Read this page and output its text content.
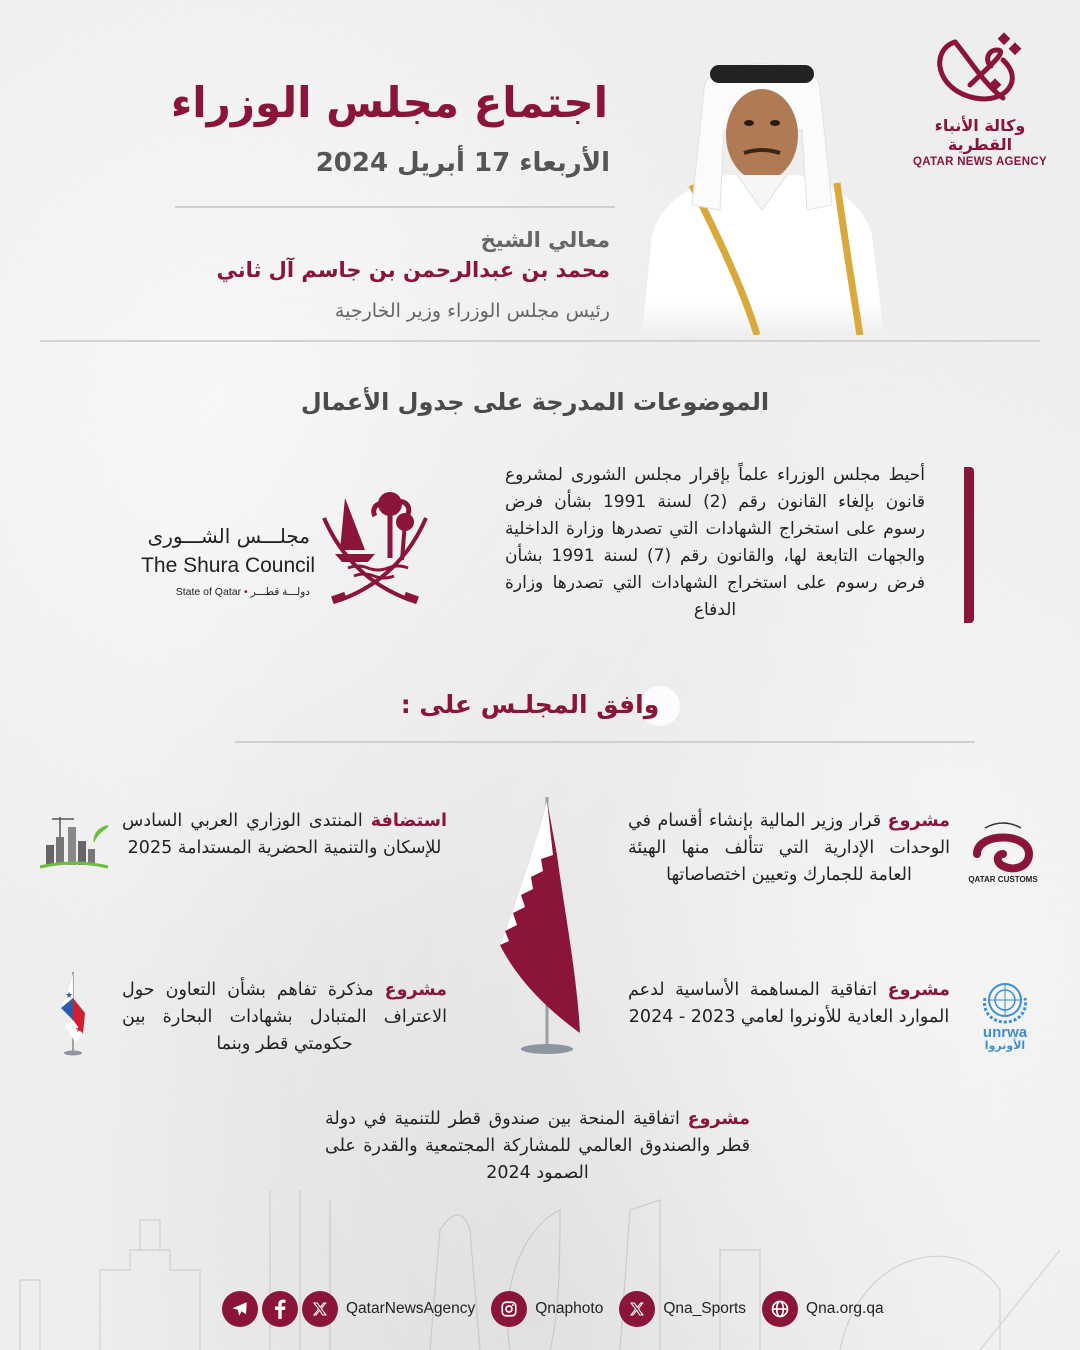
وكالة الأنباء القطرية
QATAR NEWS AGENCY
اجتماع مجلس الوزراء
الأربعاء 17 أبريل 2024
معالي الشيخ
محمد بن عبدالرحمن بن جاسم آل ثاني
رئيس مجلس الوزراء وزير الخارجية
الموضوعات المدرجة على جدول الأعمال
أحيط مجلس الوزراء علماً بإقرار مجلس الشورى لمشروع قانون بإلغاء القانون رقم (2) لسنة 1991 بشأن فرض رسوم على استخراج الشهادات التي تصدرها وزارة الداخلية والجهات التابعة لها، والقانون رقم (7) لسنة 1991 بشأن فرض رسوم على استخراج الشهادات التي تصدرها وزارة الدفاع
مجلـــس الشـــورى
The Shura Council
State of Qatar • دولـــة قطـــر
وافق المجلـس على :
مشروع قرار وزير المالية بإنشاء أقسام في الوحدات الإدارية التي تتألف منها الهيئة العامة للجمارك وتعيين اختصاصاتها	QATAR CUSTOMS
استضافة المنتدى الوزاري العربي السادس للإسكان والتنمية الحضرية المستدامة 2025
مشروع اتفاقية المساهمة الأساسية لدعم الموارد العادية للأونروا لعامي 2023 - 2024
unrwa
الأونروا
مشروع مذكرة تفاهم بشأن التعاون حول الاعتراف المتبادل بشهادات البحارة بين حكومتي قطر وبنما
★
★
مشروع اتفاقية المنحة بين صندوق قطر للتنمية في دولة قطر والصندوق العالمي للمشاركة المجتمعية والقدرة على الصمود 2024
QatarNewsAgency	Qnaphoto	Qna_Sports	Qna.org.qa
